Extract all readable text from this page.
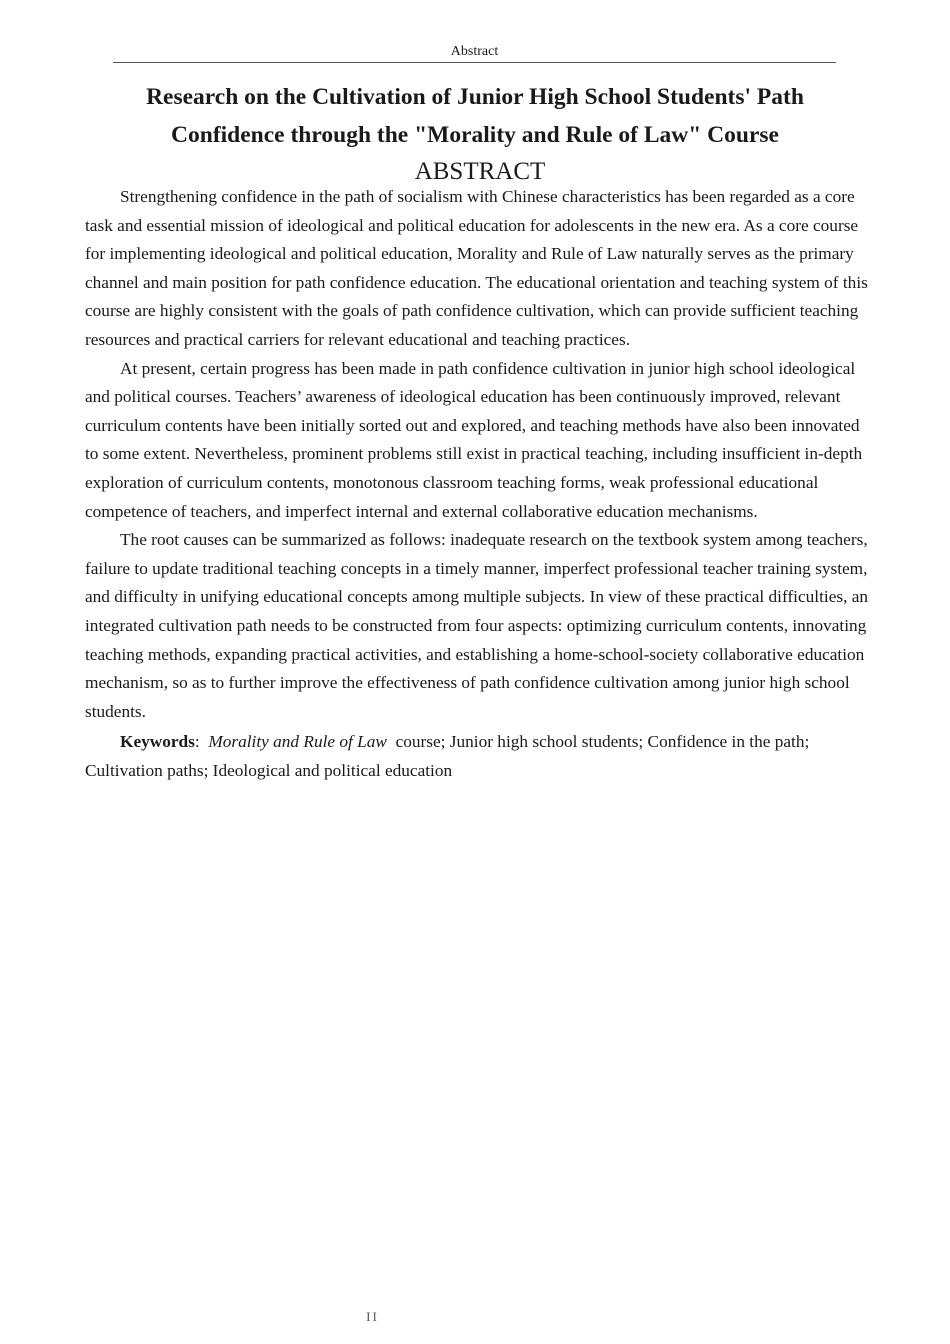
Abstract
Research on the Cultivation of Junior High School Students' Path
Confidence through the "Morality and Rule of Law" Course
ABSTRACT

Strengthening confidence in the path of socialism with Chinese characteristics has been regarded as a core task and essential mission of ideological and political education for adolescents in the new era. As a core course for implementing ideological and political education, Morality and Rule of Law naturally serves as the primary channel and main position for path confidence education. The educational orientation and teaching system of this course are highly consistent with the goals of path confidence cultivation, which can provide sufficient teaching resources and practical carriers for relevant educational and teaching practices.

At present, certain progress has been made in path confidence cultivation in junior high school ideological and political courses. Teachers’ awareness of ideological education has been continuously improved, relevant curriculum contents have been initially sorted out and explored, and teaching methods have also been innovated to some extent. Nevertheless, prominent problems still exist in practical teaching, including insufficient in-depth exploration of curriculum contents, monotonous classroom teaching forms, weak professional educational competence of teachers, and imperfect internal and external collaborative education mechanisms.

The root causes can be summarized as follows: inadequate research on the textbook system among teachers, failure to update traditional teaching concepts in a timely manner, imperfect professional teacher training system, and difficulty in unifying educational concepts among multiple subjects. In view of these practical difficulties, an integrated cultivation path needs to be constructed from four aspects: optimizing curriculum contents, innovating teaching methods, expanding practical activities, and establishing a home-school-society collaborative education mechanism, so as to further improve the effectiveness of path confidence cultivation among junior high school students.

Keywords: Morality and Rule of Law course; Junior high school students; Confidence in the path; Cultivation paths; Ideological and political education

II
